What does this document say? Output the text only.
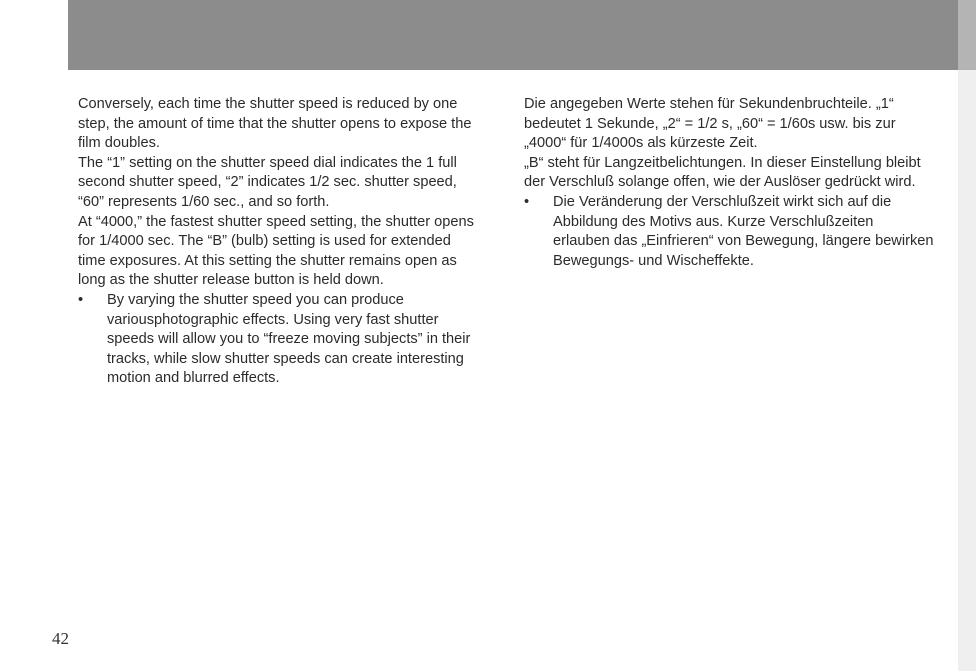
Conversely, each time the shutter speed is reduced by one step, the amount of time that the shutter opens to expose the film doubles.

The “1” setting on the shutter speed dial indicates the 1 full second shutter speed, “2” indicates 1/2 sec. shutter speed, “60” represents 1/60 sec., and so forth.

At “4000,” the fastest shutter speed setting, the shutter opens for 1/4000 sec. The “B” (bulb) setting is used for extended time exposures. At this setting the shutter remains open as long as the shutter release button is held down.

• By varying the shutter speed you can produce variousphotographic effects. Using very fast shutter speeds will allow you to “freeze moving subjects” in their tracks, while slow shutter speeds can create interesting motion and blurred effects.

Die angegeben Werte stehen für Sekundenbruchteile. „1“ bedeutet 1 Sekunde, „2“ = 1/2 s, „60“ = 1/60s usw. bis zur „4000“ für 1/4000s als kürzeste Zeit.

„B“ steht für Langzeitbelichtungen. In dieser Einstellung bleibt der Verschluß solange offen, wie der Auslöser gedrückt wird.

• Die Veränderung der Verschlußzeit wirkt sich auf die Abbildung des Motivs aus. Kurze Verschlußzeiten erlauben das „Einfrieren“ von Bewegung, längere bewirken Bewegungs- und Wischeffekte.
42
